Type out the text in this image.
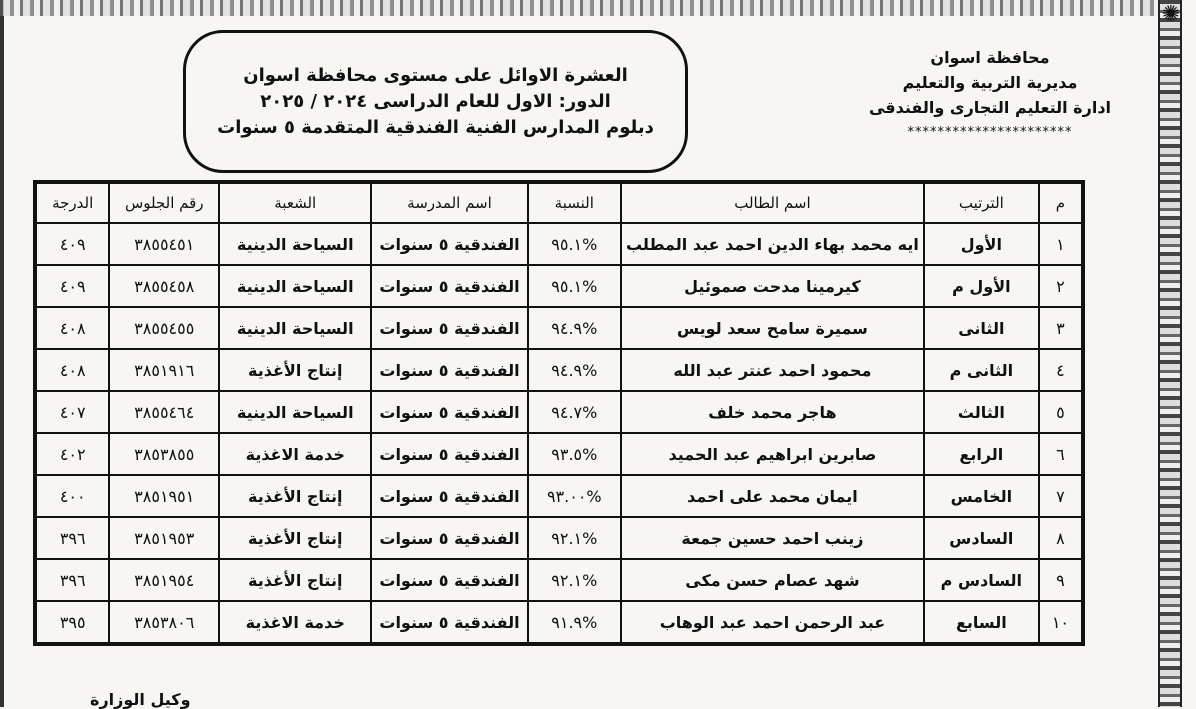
✺
العشرة الاوائل على مستوى محافظة اسوان
الدور: الاول للعام الدراسى ٢٠٢٤ / ٢٠٢٥
دبلوم المدارس الفنية الفندقية المتقدمة ٥ سنوات
محافظة اسوان
مديرية التربية والتعليم
ادارة التعليم التجارى والفندقى
**********************
م	الترتيب	اسم الطالب	النسبة	اسم المدرسة	الشعبة	رقم الجلوس	الدرجة
١	الأول	ايه محمد بهاء الدين احمد عبد المطلب	%٩٥.١	الفندقية ٥ سنوات	السياحة الدينية	٣٨٥٥٤٥١	٤٠٩
٢	الأول م	كيرمينا مدحت صموئيل	%٩٥.١	الفندقية ٥ سنوات	السياحة الدينية	٣٨٥٥٤٥٨	٤٠٩
٣	الثانى	سميرة سامح سعد لويس	%٩٤.٩	الفندقية ٥ سنوات	السياحة الدينية	٣٨٥٥٤٥٥	٤٠٨
٤	الثانى م	محمود احمد عنتر عبد الله	%٩٤.٩	الفندقية ٥ سنوات	إنتاج الأغذية	٣٨٥١٩١٦	٤٠٨
٥	الثالث	هاجر محمد خلف	%٩٤.٧	الفندقية ٥ سنوات	السياحة الدينية	٣٨٥٥٤٦٤	٤٠٧
٦	الرابع	صابرين ابراهيم عبد الحميد	%٩٣.٥	الفندقية ٥ سنوات	خدمة الاغذية	٣٨٥٣٨٥٥	٤٠٢
٧	الخامس	ايمان محمد على احمد	%٩٣.٠٠	الفندقية ٥ سنوات	إنتاج الأغذية	٣٨٥١٩٥١	٤٠٠
٨	السادس	زينب احمد حسين جمعة	%٩٢.١	الفندقية ٥ سنوات	إنتاج الأغذية	٣٨٥١٩٥٣	٣٩٦
٩	السادس م	شهد عصام حسن مكى	%٩٢.١	الفندقية ٥ سنوات	إنتاج الأغذية	٣٨٥١٩٥٤	٣٩٦
١٠	السابع	عبد الرحمن احمد عبد الوهاب	%٩١.٩	الفندقية ٥ سنوات	خدمة الاغذية	٣٨٥٣٨٠٦	٣٩٥
وكيل الوزارة
